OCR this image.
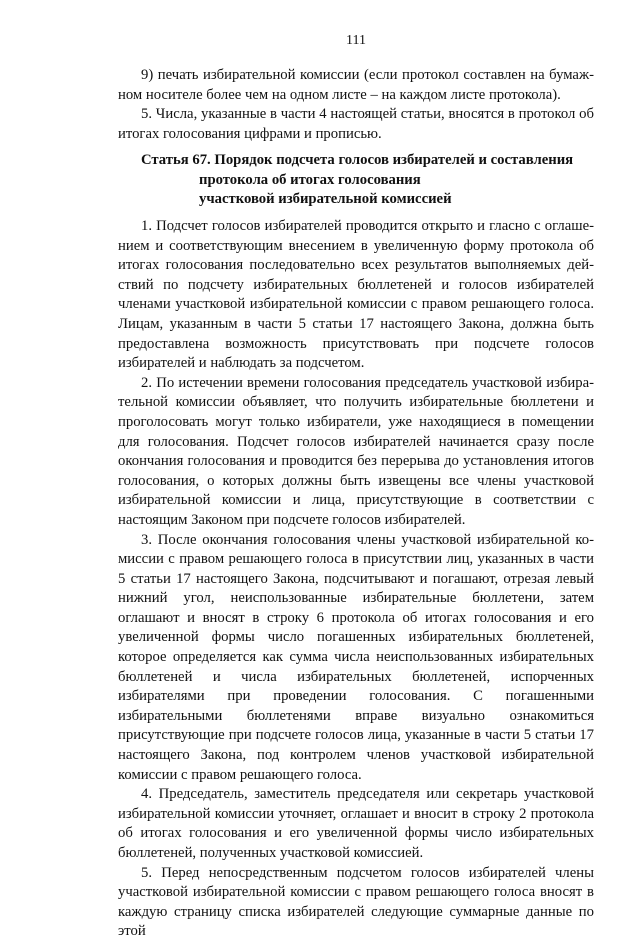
111

9) печать избирательной комиссии (если протокол составлен на бумажном носителе более чем на одном листе – на каждом листе протокола).

5. Числа, указанные в части 4 настоящей статьи, вносятся в протокол об итогах голосования цифрами и прописью.

Статья 67. Порядок подсчета голосов избирателей и составления
протокола об итогах голосования участковой избирательной комиссией

1. Подсчет голосов избирателей проводится открыто и гласно с оглашением и соответствующим внесением в увеличенную форму протокола об итогах голосования последовательно всех результатов выполняемых действий по подсчету избирательных бюллетеней и голосов избирателей членами участковой избирательной комиссии с правом решающего голоса. Лицам, указанным в части 5 статьи 17 настоящего Закона, должна быть предоставлена возможность присутствовать при подсчете голосов избирателей и наблюдать за подсчетом.

2. По истечении времени голосования председатель участковой избирательной комиссии объявляет, что получить избирательные бюллетени и проголосовать могут только избиратели, уже находящиеся в помещении для голосования. Подсчет голосов избирателей начинается сразу после окончания голосования и проводится без перерыва до установления итогов голосования, о которых должны быть извещены все члены участковой избирательной комиссии и лица, присутствующие в соответствии с настоящим Законом при подсчете голосов избирателей.

3. После окончания голосования члены участковой избирательной комиссии с правом решающего голоса в присутствии лиц, указанных в части 5 статьи 17 настоящего Закона, подсчитывают и погашают, отрезая левый нижний угол, неиспользованные избирательные бюллетени, затем оглашают и вносят в строку 6 протокола об итогах голосования и его увеличенной формы число погашенных избирательных бюллетеней, которое определяется как сумма числа неиспользованных избирательных бюллетеней и числа избирательных бюллетеней, испорченных избирателями при проведении голосования. С погашенными избирательными бюллетенями вправе визуально ознакомиться присутствующие при подсчете голосов лица, указанные в части 5 статьи 17 настоящего Закона, под контролем членов участковой избирательной комиссии с правом решающего голоса.

4. Председатель, заместитель председателя или секретарь участковой избирательной комиссии уточняет, оглашает и вносит в строку 2 протокола об итогах голосования и его увеличенной формы число избирательных бюллетеней, полученных участковой комиссией.

5. Перед непосредственным подсчетом голосов избирателей члены участковой избирательной комиссии с правом решающего голоса вносят в каждую страницу списка избирателей следующие суммарные данные по этой
